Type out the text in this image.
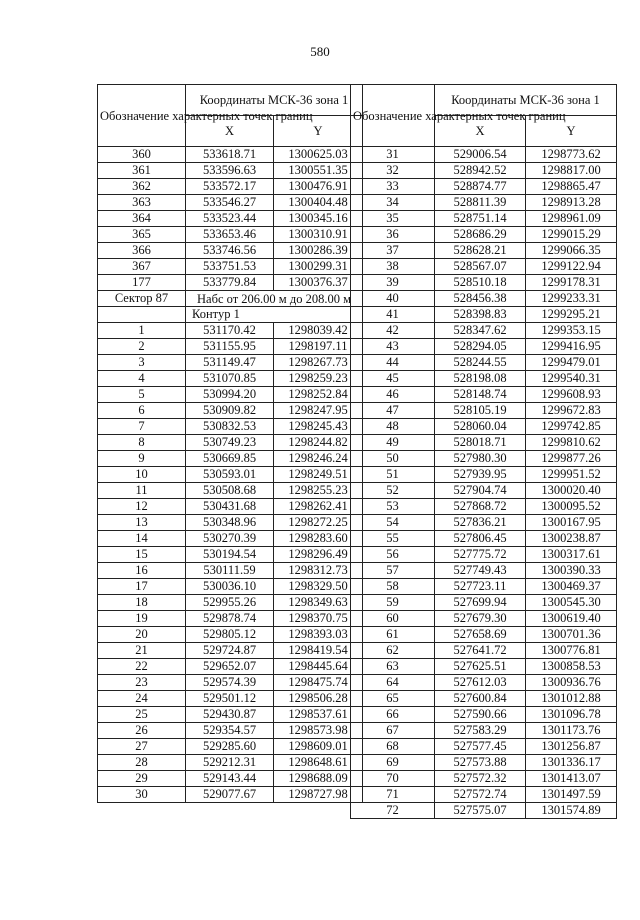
580
Обозначение характерных точек границ	Координаты МСК-36 зона 1	
	X	Y
360	533618.71	1300625.03
361	533596.63	1300551.35
362	533572.17	1300476.91
363	533546.27	1300404.48
364	533523.44	1300345.16
365	533653.46	1300310.91
366	533746.56	1300286.39
367	533751.53	1300299.31
177	533779.84	1300376.37
Сектор 87	Набс от 206.00 м до 208.00 м	

	Контур 1	
1	531170.42	1298039.42
2	531155.95	1298197.11
3	531149.47	1298267.73
4	531070.85	1298259.23
5	530994.20	1298252.84
6	530909.82	1298247.95
7	530832.53	1298245.43
8	530749.23	1298244.82
9	530669.85	1298246.24
10	530593.01	1298249.51
11	530508.68	1298255.23
12	530431.68	1298262.41
13	530348.96	1298272.25
14	530270.39	1298283.60
15	530194.54	1298296.49
16	530111.59	1298312.73
17	530036.10	1298329.50
18	529955.26	1298349.63
19	529878.74	1298370.75
20	529805.12	1298393.03
21	529724.87	1298419.54
22	529652.07	1298445.64
23	529574.39	1298475.74
24	529501.12	1298506.28
25	529430.87	1298537.61
26	529354.57	1298573.98
27	529285.60	1298609.01
28	529212.31	1298648.61
29	529143.44	1298688.09
30	529077.67	1298727.98
Обозначение характерных точек границ	Координаты МСК-36 зона 1	
	X	Y
31	529006.54	1298773.62
32	528942.52	1298817.00
33	528874.77	1298865.47
34	528811.39	1298913.28
35	528751.14	1298961.09
36	528686.29	1299015.29
37	528628.21	1299066.35
38	528567.07	1299122.94
39	528510.18	1299178.31
40	528456.38	1299233.31
41	528398.83	1299295.21
42	528347.62	1299353.15
43	528294.05	1299416.95
44	528244.55	1299479.01
45	528198.08	1299540.31
46	528148.74	1299608.93
47	528105.19	1299672.83
48	528060.04	1299742.85
49	528018.71	1299810.62
50	527980.30	1299877.26
51	527939.95	1299951.52
52	527904.74	1300020.40
53	527868.72	1300095.52
54	527836.21	1300167.95
55	527806.45	1300238.87
56	527775.72	1300317.61
57	527749.43	1300390.33
58	527723.11	1300469.37
59	527699.94	1300545.30
60	527679.30	1300619.40
61	527658.69	1300701.36
62	527641.72	1300776.81
63	527625.51	1300858.53
64	527612.03	1300936.76
65	527600.84	1301012.88
66	527590.66	1301096.78
67	527583.29	1301173.76
68	527577.45	1301256.87
69	527573.88	1301336.17
70	527572.32	1301413.07
71	527572.74	1301497.59
72	527575.07	1301574.89
